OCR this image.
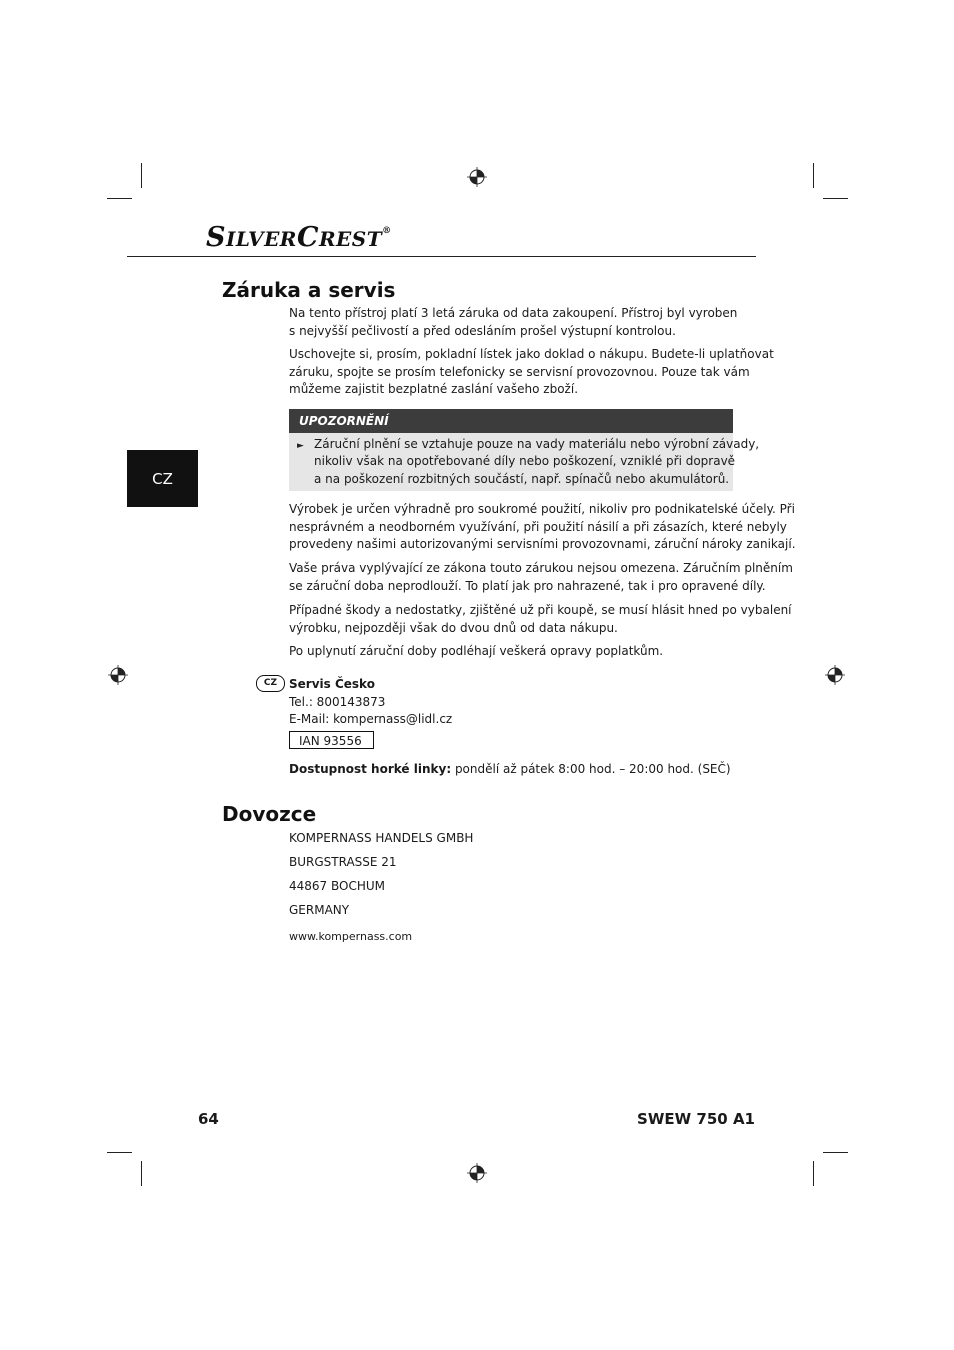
SILVERCREST®
CZ
Záruka a servis

Na tento přístroj platí 3 letá záruka od data zakoupení. Přístroj byl vyroben
s nejvyšší pečlivostí a před odesláním prošel výstupní kontrolou.

Uschovejte si, prosím, pokladní lístek jako doklad o nákupu. Budete-li uplatňovat
záruku, spojte se prosím telefonicky se servisní provozovnou. Pouze tak vám
můžeme zajistit bezplatné zaslání vašeho zboží.

UPOZORNĚNÍ
► Záruční plnění se vztahuje pouze na vady materiálu nebo výrobní závady,
nikoliv však na opotřebované díly nebo poškození, vzniklé při dopravě
a na poškození rozbitných součástí, např. spínačů nebo akumulátorů.

Výrobek je určen výhradně pro soukromé použití, nikoliv pro podnikatelské účely. Při
nesprávném a neodborném využívání, při použití násilí a při zásazích, které nebyly
provedeny našimi autorizovanými servisními provozovnami, záruční nároky zanikají.

Vaše práva vyplývající ze zákona touto zárukou nejsou omezena. Záručním plněním
se záruční doba neprodlouží. To platí jak pro nahrazené, tak i pro opravené díly.

Případné škody a nedostatky, zjištěné už při koupě, se musí hlásit hned po vybalení
výrobku, nejpozději však do dvou dnů od data nákupu.

Po uplynutí záruční doby podléhají veškerá opravy poplatkům.

CZ Servis Česko
Tel.: 800143873
E-Mail: kompernass@lidl.cz

IAN 93556

Dostupnost horké linky: pondělí až pátek 8:00 hod. – 20:00 hod. (SEČ)

Dovozce

KOMPERNASS HANDELS GMBH

BURGSTRASSE 21

44867 BOCHUM

GERMANY

www.kompernass.com

64	SWEW 750 A1
